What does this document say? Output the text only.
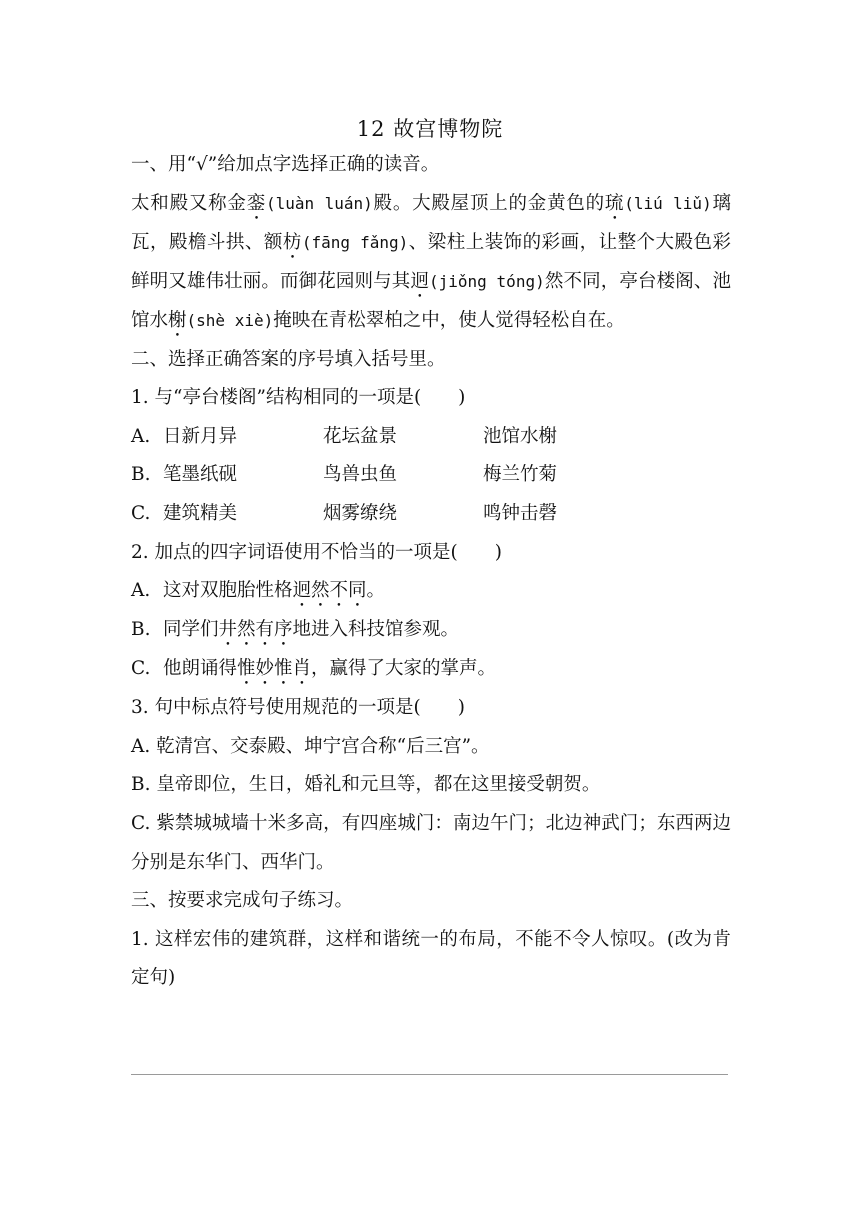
12 故宫博物院
一、用“√”给加点字选择正确的读音。
太和殿又称金銮(luàn luán)殿。大殿屋顶上的金黄色的琉(liú liǔ)璃瓦，殿檐斗拱、额枋(fāng fǎng)、梁柱上装饰的彩画，让整个大殿色彩鲜明又雄伟壮丽。而御花园则与其迥(jiǒng tóng)然不同，亭台楼阁、池馆水榭(shè xiè)掩映在青松翠柏之中，使人觉得轻松自在。
二、选择正确答案的序号填入括号里。
1. 与“亭台楼阁”结构相同的一项是(　　)
A. 日新月异	花坛盆景	池馆水榭
B. 笔墨纸砚	鸟兽虫鱼	梅兰竹菊
C. 建筑精美	烟雾缭绕	鸣钟击磬
2. 加点的四字词语使用不恰当的一项是(　　)
A. 这对双胞胎性格迥然不同。
B. 同学们井然有序地进入科技馆参观。
C. 他朗诵得惟妙惟肖，赢得了大家的掌声。
3. 句中标点符号使用规范的一项是(　　)
A. 乾清宫、交泰殿、坤宁宫合称“后三宫”。
B. 皇帝即位，生日，婚礼和元旦等，都在这里接受朝贺。
C. 紫禁城城墙十米多高，有四座城门：南边午门；北边神武门；东西两边分别是东华门、西华门。
三、按要求完成句子练习。
1. 这样宏伟的建筑群，这样和谐统一的布局，不能不令人惊叹。(改为肯定句)
